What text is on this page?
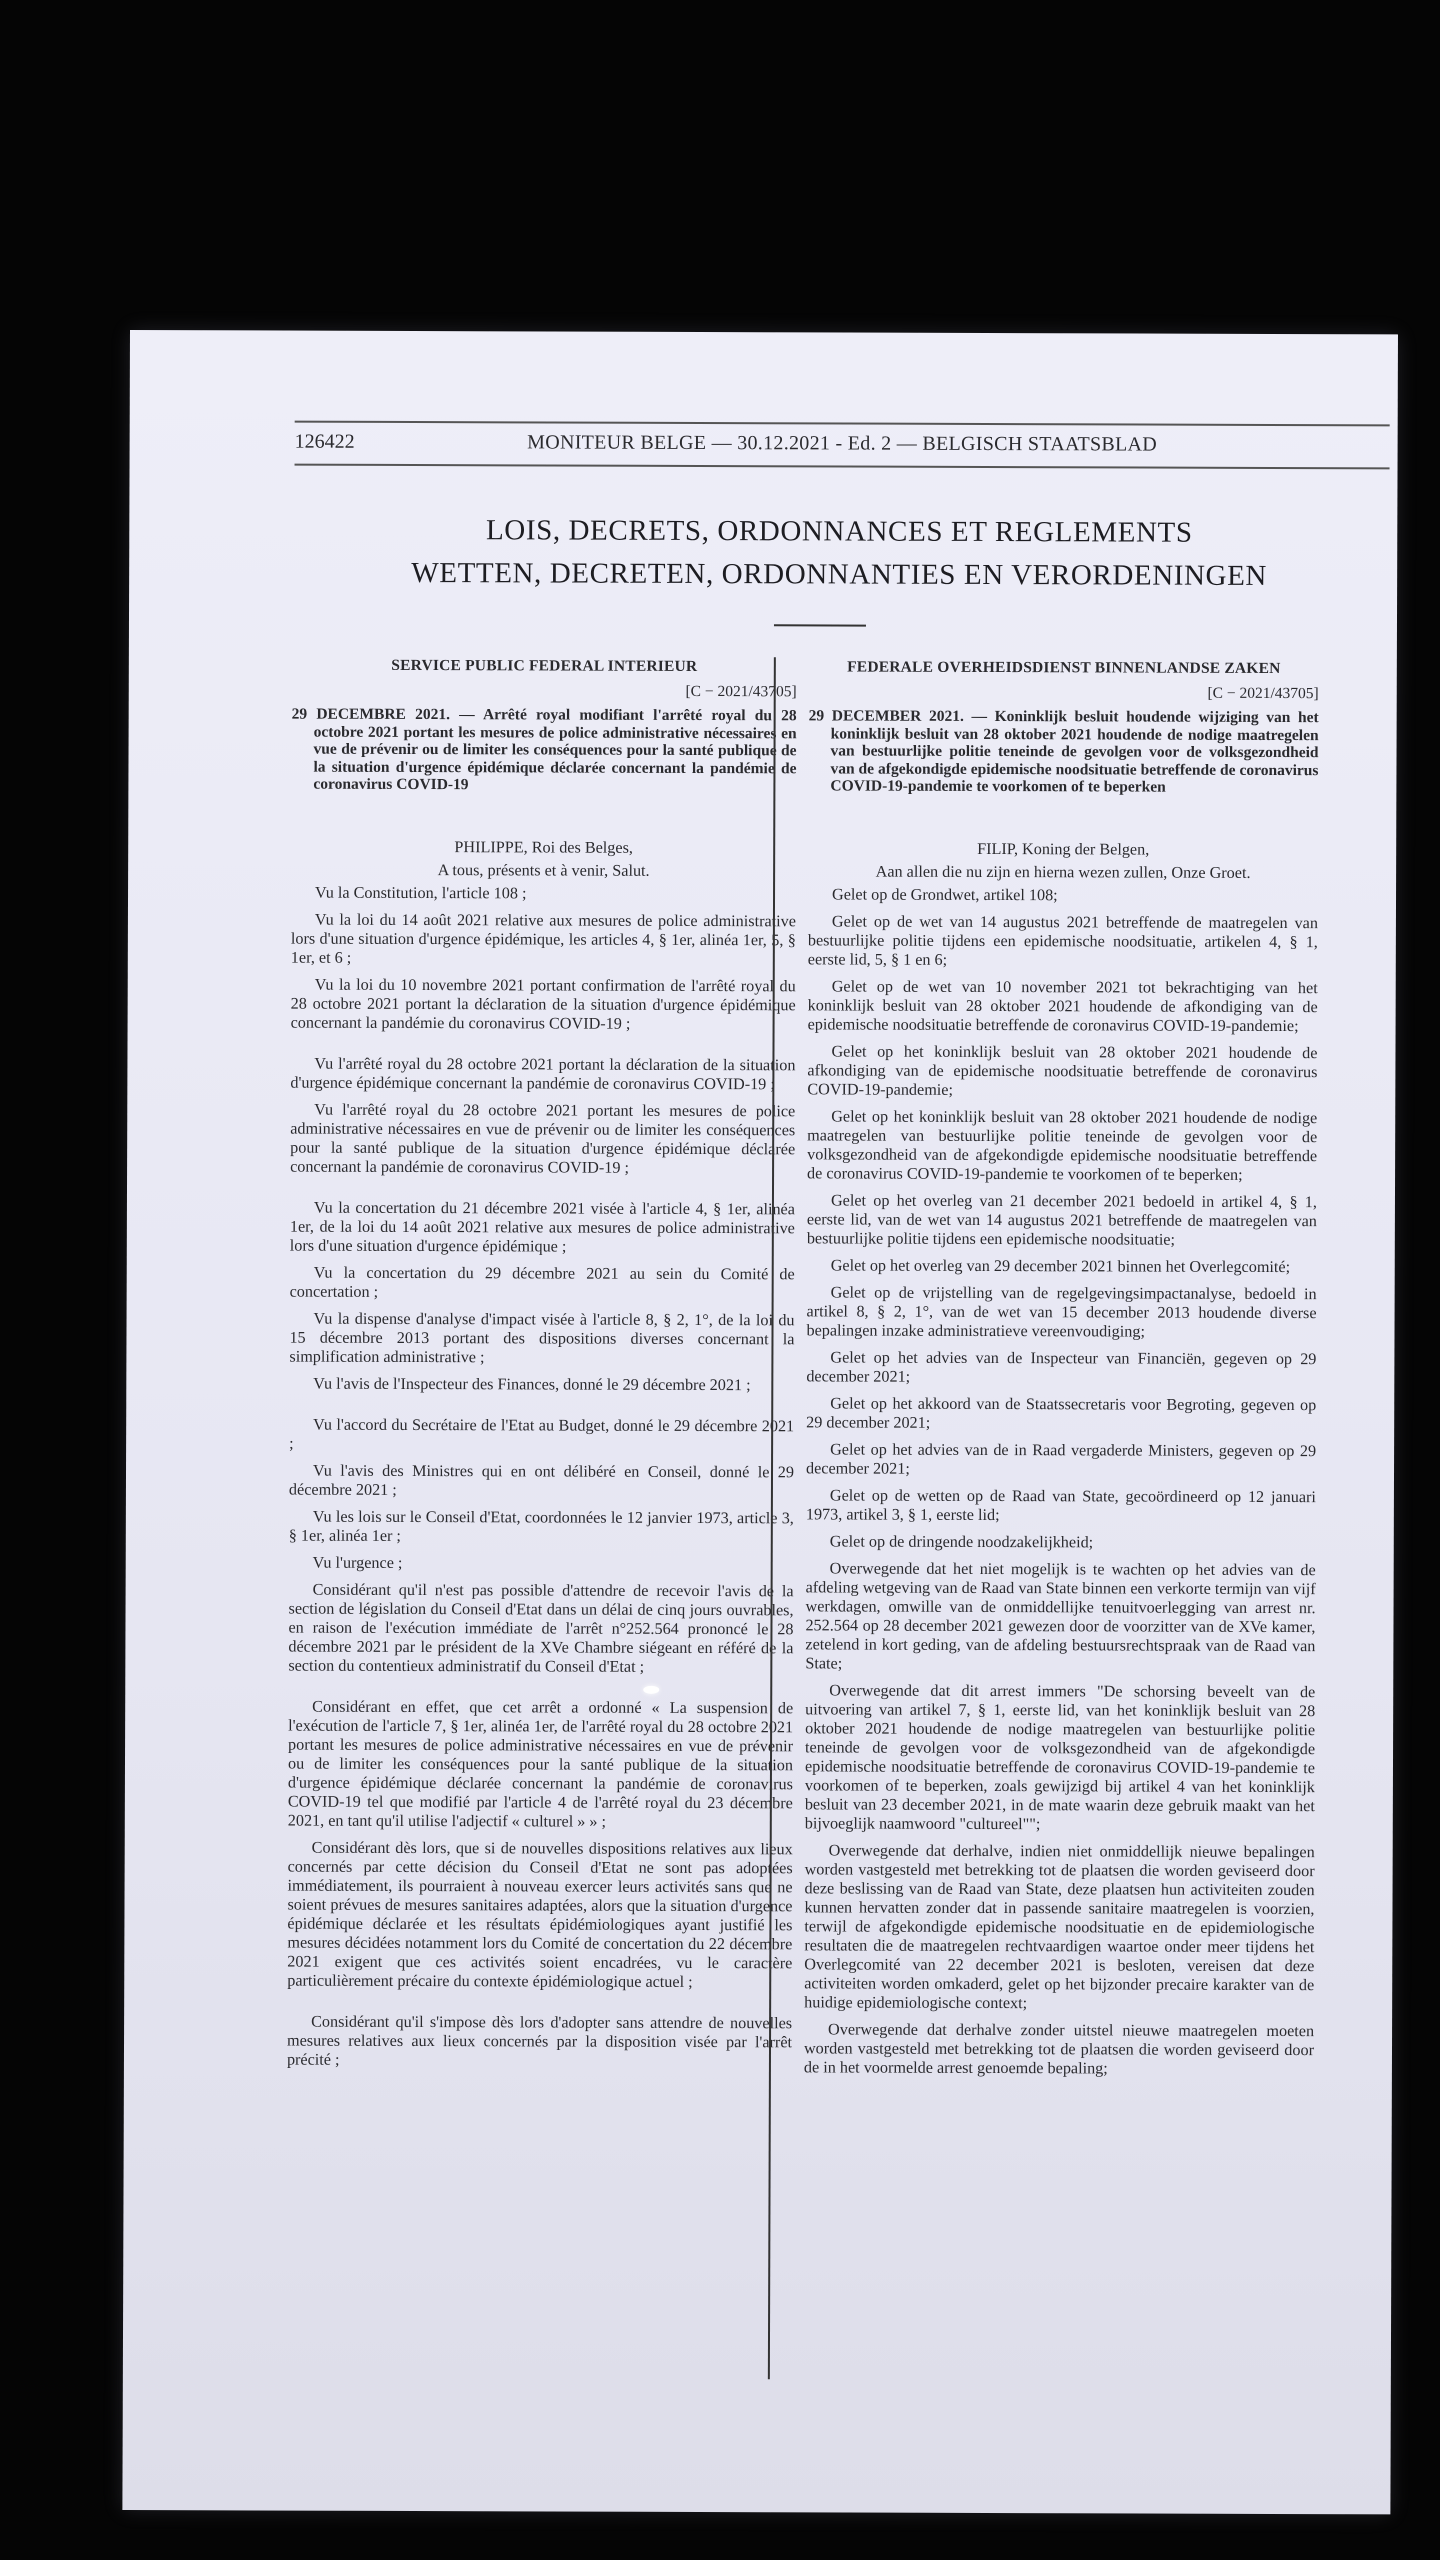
126422	MONITEUR BELGE — 30.12.2021 - Ed. 2 — BELGISCH STAATSBLAD
LOIS, DECRETS, ORDONNANCES ET REGLEMENTS
WETTEN, DECRETEN, ORDONNANTIES EN VERORDENINGEN
SERVICE PUBLIC FEDERAL INTERIEUR
[C − 2021/43705]
29 DECEMBRE 2021. — Arrêté royal modifiant l'arrêté royal du 28 octobre 2021 portant les mesures de police administrative nécessaires en vue de prévenir ou de limiter les conséquences pour la santé publique de la situation d'urgence épidémique déclarée concernant la pandémie de coronavirus COVID-19

PHILIPPE, Roi des Belges,

A tous, présents et à venir, Salut.

Vu la Constitution, l'article 108 ;

Vu la loi du 14 août 2021 relative aux mesures de police administrative lors d'une situation d'urgence épidémique, les articles 4, § 1er, alinéa 1er, 5, § 1er, et 6 ;

Vu la loi du 10 novembre 2021 portant confirmation de l'arrêté royal du 28 octobre 2021 portant la déclaration de la situation d'urgence épidémique concernant la pandémie du coronavirus COVID-19 ;

Vu l'arrêté royal du 28 octobre 2021 portant la déclaration de la situation d'urgence épidémique concernant la pandémie de coronavirus COVID-19 ;

Vu l'arrêté royal du 28 octobre 2021 portant les mesures de police administrative nécessaires en vue de prévenir ou de limiter les conséquences pour la santé publique de la situation d'urgence épidémique déclarée concernant la pandémie de coronavirus COVID-19 ;

Vu la concertation du 21 décembre 2021 visée à l'article 4, § 1er, alinéa 1er, de la loi du 14 août 2021 relative aux mesures de police administrative lors d'une situation d'urgence épidémique ;

Vu la concertation du 29 décembre 2021 au sein du Comité de concertation ;

Vu la dispense d'analyse d'impact visée à l'article 8, § 2, 1°, de la loi du 15 décembre 2013 portant des dispositions diverses concernant la simplification administrative ;

Vu l'avis de l'Inspecteur des Finances, donné le 29 décembre 2021 ;

Vu l'accord du Secrétaire de l'Etat au Budget, donné le 29 décembre 2021 ;

Vu l'avis des Ministres qui en ont délibéré en Conseil, donné le 29 décembre 2021 ;

Vu les lois sur le Conseil d'Etat, coordonnées le 12 janvier 1973, article 3, § 1er, alinéa 1er ;

Vu l'urgence ;

Considérant qu'il n'est pas possible d'attendre de recevoir l'avis de la section de législation du Conseil d'Etat dans un délai de cinq jours ouvrables, en raison de l'exécution immédiate de l'arrêt n°252.564 prononcé le 28 décembre 2021 par le président de la XVe Chambre siégeant en référé de la section du contentieux administratif du Conseil d'Etat ;

Considérant en effet, que cet arrêt a ordonné « La suspension de l'exécution de l'article 7, § 1er, alinéa 1er, de l'arrêté royal du 28 octobre 2021 portant les mesures de police administrative nécessaires en vue de prévenir ou de limiter les conséquences pour la santé publique de la situation d'urgence épidémique déclarée concernant la pandémie de coronavirus COVID-19 tel que modifié par l'article 4 de l'arrêté royal du 23 décembre 2021, en tant qu'il utilise l'adjectif « culturel » » ;

Considérant dès lors, que si de nouvelles dispositions relatives aux lieux concernés par cette décision du Conseil d'Etat ne sont pas adoptées immédiatement, ils pourraient à nouveau exercer leurs activités sans que ne soient prévues de mesures sanitaires adaptées, alors que la situation d'urgence épidémique déclarée et les résultats épidémiologiques ayant justifié les mesures décidées notamment lors du Comité de concertation du 22 décembre 2021 exigent que ces activités soient encadrées, vu le caractère particulièrement précaire du contexte épidémiologique actuel ;

Considérant qu'il s'impose dès lors d'adopter sans attendre de nouvelles mesures relatives aux lieux concernés par la disposition visée par l'arrêt précité ;

FEDERALE OVERHEIDSDIENST BINNENLANDSE ZAKEN
[C − 2021/43705]
29 DECEMBER 2021. — Koninklijk besluit houdende wijziging van het koninklijk besluit van 28 oktober 2021 houdende de nodige maatregelen van bestuurlijke politie teneinde de gevolgen voor de volksgezondheid van de afgekondigde epidemische noodsituatie betreffende de coronavirus COVID-19-pandemie te voorkomen of te beperken

FILIP, Koning der Belgen,

Aan allen die nu zijn en hierna wezen zullen, Onze Groet.

Gelet op de Grondwet, artikel 108;

Gelet op de wet van 14 augustus 2021 betreffende de maatregelen van bestuurlijke politie tijdens een epidemische noodsituatie, artikelen 4, § 1, eerste lid, 5, § 1 en 6;

Gelet op de wet van 10 november 2021 tot bekrachtiging van het koninklijk besluit van 28 oktober 2021 houdende de afkondiging van de epidemische noodsituatie betreffende de coronavirus COVID-19-pandemie;

Gelet op het koninklijk besluit van 28 oktober 2021 houdende de afkondiging van de epidemische noodsituatie betreffende de coronavirus COVID-19-pandemie;

Gelet op het koninklijk besluit van 28 oktober 2021 houdende de nodige maatregelen van bestuurlijke politie teneinde de gevolgen voor de volksgezondheid van de afgekondigde epidemische noodsituatie betreffende de coronavirus COVID-19-pandemie te voorkomen of te beperken;

Gelet op het overleg van 21 december 2021 bedoeld in artikel 4, § 1, eerste lid, van de wet van 14 augustus 2021 betreffende de maatregelen van bestuurlijke politie tijdens een epidemische noodsituatie;

Gelet op het overleg van 29 december 2021 binnen het Overlegcomité;

Gelet op de vrijstelling van de regelgevingsimpactanalyse, bedoeld in artikel 8, § 2, 1°, van de wet van 15 december 2013 houdende diverse bepalingen inzake administratieve vereenvoudiging;

Gelet op het advies van de Inspecteur van Financiën, gegeven op 29 december 2021;

Gelet op het akkoord van de Staatssecretaris voor Begroting, gegeven op 29 december 2021;

Gelet op het advies van de in Raad vergaderde Ministers, gegeven op 29 december 2021;

Gelet op de wetten op de Raad van State, gecoördineerd op 12 januari 1973, artikel 3, § 1, eerste lid;

Gelet op de dringende noodzakelijkheid;

Overwegende dat het niet mogelijk is te wachten op het advies van de afdeling wetgeving van de Raad van State binnen een verkorte termijn van vijf werkdagen, omwille van de onmiddellijke tenuitvoerlegging van arrest nr. 252.564 op 28 december 2021 gewezen door de voorzitter van de XVe kamer, zetelend in kort geding, van de afdeling bestuursrechtspraak van de Raad van State;

Overwegende dat dit arrest immers "De schorsing beveelt van de uitvoering van artikel 7, § 1, eerste lid, van het koninklijk besluit van 28 oktober 2021 houdende de nodige maatregelen van bestuurlijke politie teneinde de gevolgen voor de volksgezondheid van de afgekondigde epidemische noodsituatie betreffende de coronavirus COVID-19-pandemie te voorkomen of te beperken, zoals gewijzigd bij artikel 4 van het koninklijk besluit van 23 december 2021, in de mate waarin deze gebruik maakt van het bijvoeglijk naamwoord "cultureel"";

Overwegende dat derhalve, indien niet onmiddellijk nieuwe bepalingen worden vastgesteld met betrekking tot de plaatsen die worden geviseerd door deze beslissing van de Raad van State, deze plaatsen hun activiteiten zouden kunnen hervatten zonder dat in passende sanitaire maatregelen is voorzien, terwijl de afgekondigde epidemische noodsituatie en de epidemiologische resultaten die de maatregelen rechtvaardigen waartoe onder meer tijdens het Overlegcomité van 22 december 2021 is besloten, vereisen dat deze activiteiten worden omkaderd, gelet op het bijzonder precaire karakter van de huidige epidemiologische context;

Overwegende dat derhalve zonder uitstel nieuwe maatregelen moeten worden vastgesteld met betrekking tot de plaatsen die worden geviseerd door de in het voormelde arrest genoemde bepaling;
